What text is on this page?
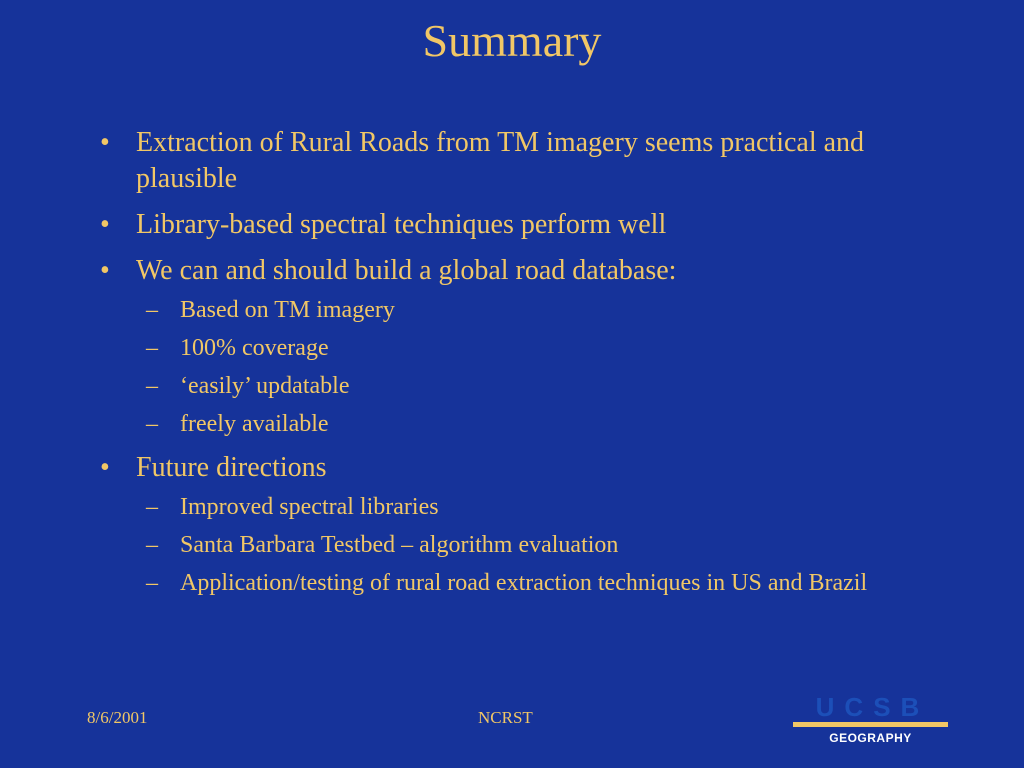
Summary
• Extraction of Rural Roads from TM imagery seems practical and plausible
• Library-based spectral techniques perform well
• We can and should build a global road database:
– Based on TM imagery
– 100% coverage
– ‘easily’ updatable
– freely available
• Future directions
– Improved spectral libraries
– Santa Barbara Testbed – algorithm evaluation
– Application/testing of rural road extraction techniques in US and Brazil
8/6/2001	NCRST	UCSB
GEOGRAPHY
